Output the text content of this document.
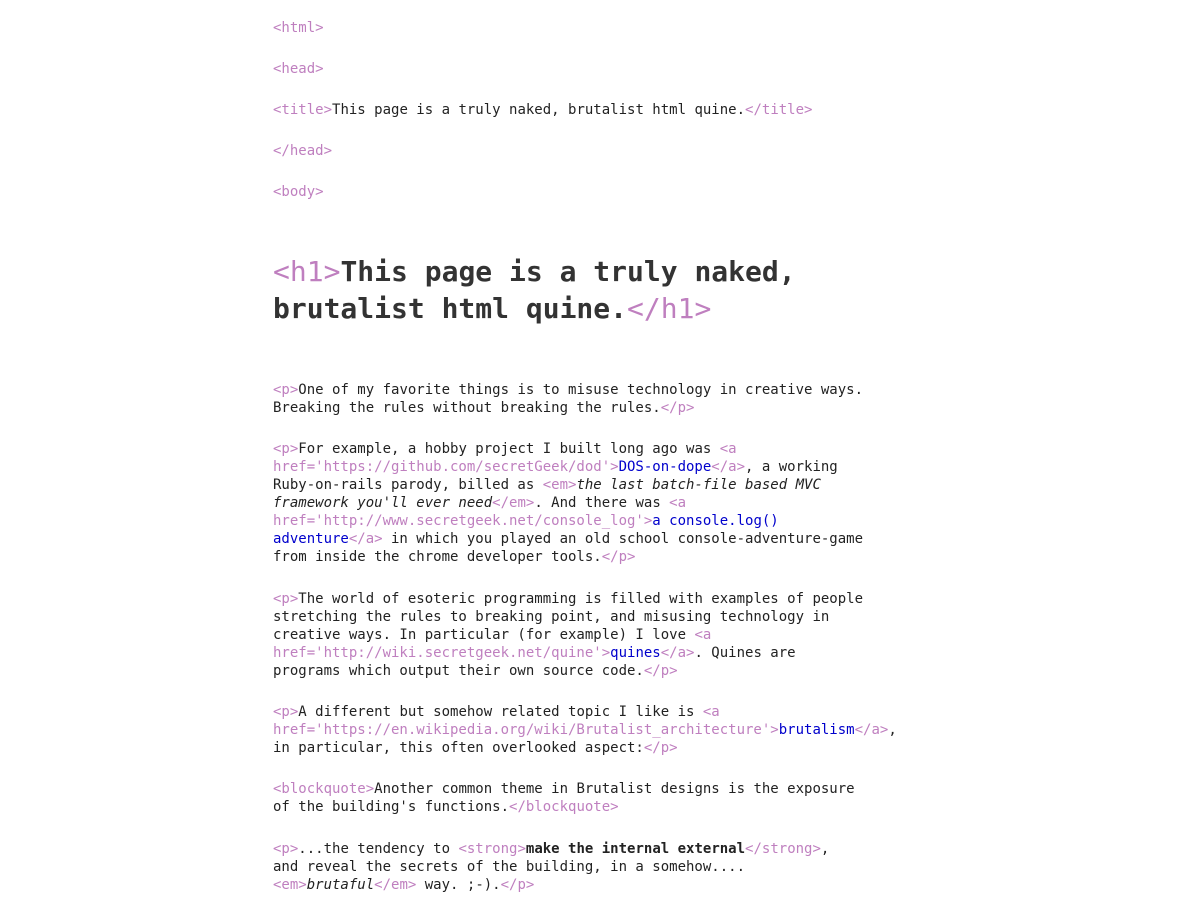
<html>

<head>

<title>This page is a truly naked, brutalist html quine.</title>

</head>

<body>

<h1>This page is a truly naked, brutalist html quine.</h1>

<p>One of my favorite things is to misuse technology in creative ways.
Breaking the rules without breaking the rules.</p>

<p>For example, a hobby project I built long ago was <a
href='https://github.com/secretGeek/dod'>DOS-on-dope</a>, a working
Ruby-on-rails parody, billed as <em>the last batch-file based MVC
framework you'll ever need</em>. And there was <a
href='http://www.secretgeek.net/console_log'>a console.log()
adventure</a> in which you played an old school console-adventure-game
from inside the chrome developer tools.</p>

<p>The world of esoteric programming is filled with examples of people
stretching the rules to breaking point, and misusing technology in
creative ways. In particular (for example) I love <a
href='http://wiki.secretgeek.net/quine'>quines</a>. Quines are
programs which output their own source code.</p>

<p>A different but somehow related topic I like is <a
href='https://en.wikipedia.org/wiki/Brutalist_architecture'>brutalism</a>,
in particular, this often overlooked aspect:</p>

<blockquote>Another common theme in Brutalist designs is the exposure
of the building's functions.</blockquote>

<p>...the tendency to <strong>make the internal external</strong>,
and reveal the secrets of the building, in a somehow....
<em>brutaful</em> way. ;-).</p>
